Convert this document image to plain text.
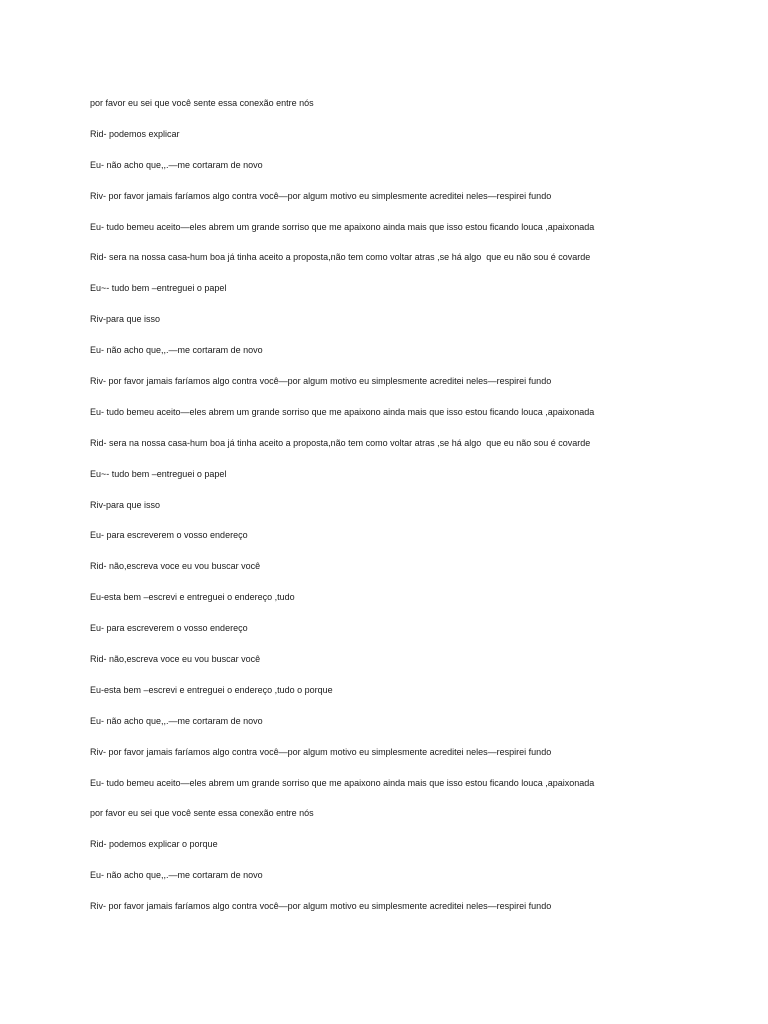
por favor eu sei que você sente essa conexão entre nós
Rid- podemos explicar
Eu- não acho que,,.—me cortaram de novo
Riv- por favor jamais faríamos algo contra você—por algum motivo eu simplesmente acreditei neles—respirei fundo
Eu- tudo bemeu aceito—eles abrem um grande sorriso que me apaixono ainda mais que isso estou ficando louca ,apaixonada
Rid- sera na nossa casa-hum boa já tinha aceito a proposta,não tem como voltar atras ,se há algo  que eu não sou é covarde
Eu~- tudo bem –entreguei o papel
Riv-para que isso
Eu- não acho que,,.—me cortaram de novo
Riv- por favor jamais faríamos algo contra você—por algum motivo eu simplesmente acreditei neles—respirei fundo
Eu- tudo bemeu aceito—eles abrem um grande sorriso que me apaixono ainda mais que isso estou ficando louca ,apaixonada
Rid- sera na nossa casa-hum boa já tinha aceito a proposta,não tem como voltar atras ,se há algo  que eu não sou é covarde
Eu~- tudo bem –entreguei o papel
Riv-para que isso
Eu- para escreverem o vosso endereço
Rid- não,escreva voce eu vou buscar você
Eu-esta bem –escrevi e entreguei o endereço ,tudo
Eu- para escreverem o vosso endereço
Rid- não,escreva voce eu vou buscar você
Eu-esta bem –escrevi e entreguei o endereço ,tudo o porque
Eu- não acho que,,.—me cortaram de novo
Riv- por favor jamais faríamos algo contra você—por algum motivo eu simplesmente acreditei neles—respirei fundo
Eu- tudo bemeu aceito—eles abrem um grande sorriso que me apaixono ainda mais que isso estou ficando louca ,apaixonada
por favor eu sei que você sente essa conexão entre nós
Rid- podemos explicar o porque
Eu- não acho que,,.—me cortaram de novo
Riv- por favor jamais faríamos algo contra você—por algum motivo eu simplesmente acreditei neles—respirei fundo
